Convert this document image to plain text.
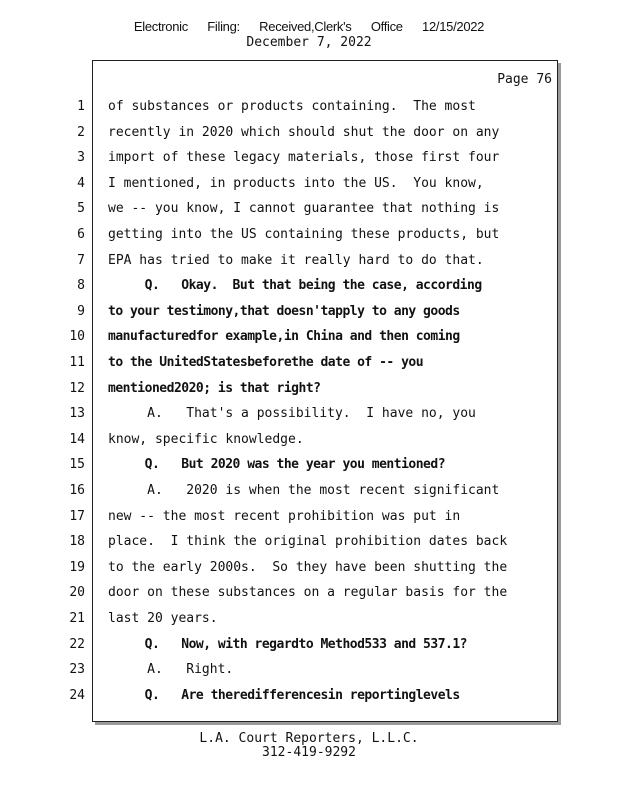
Electronic Filing: Received,Clerk's Office 12/15/2022
December 7, 2022
Page 76
1 of substances or products containing.  The most
2 recently in 2020 which should shut the door on any
3 import of these legacy materials, those first four
4 I mentioned, in products into the US.  You know,
5 we -- you know, I cannot guarantee that nothing is
6 getting into the US containing these products, but
7 EPA has tried to make it really hard to do that.
8 Q.   Okay.  But that being the case, according
9 to your testimony,that doesn'tapply to any goods
10 manufacturedfor example,in China and then coming
11 to the UnitedStatesbeforethe date of -- you
12 mentioned2020; is that right?
13 A.   That's a possibility.  I have no, you
14 know, specific knowledge.
15 Q.   But 2020 was the year you mentioned?
16 A.   2020 is when the most recent significant
17 new -- the most recent prohibition was put in
18 place.  I think the original prohibition dates back
19 to the early 2000s.  So they have been shutting the
20 door on these substances on a regular basis for the
21 last 20 years.
22 Q.   Now, with regardto Method533 and 537.1?
23 A.   Right.
24 Q.   Are theredifferencesin reportinglevels
L.A. Court Reporters, L.L.C.
312-419-9292
